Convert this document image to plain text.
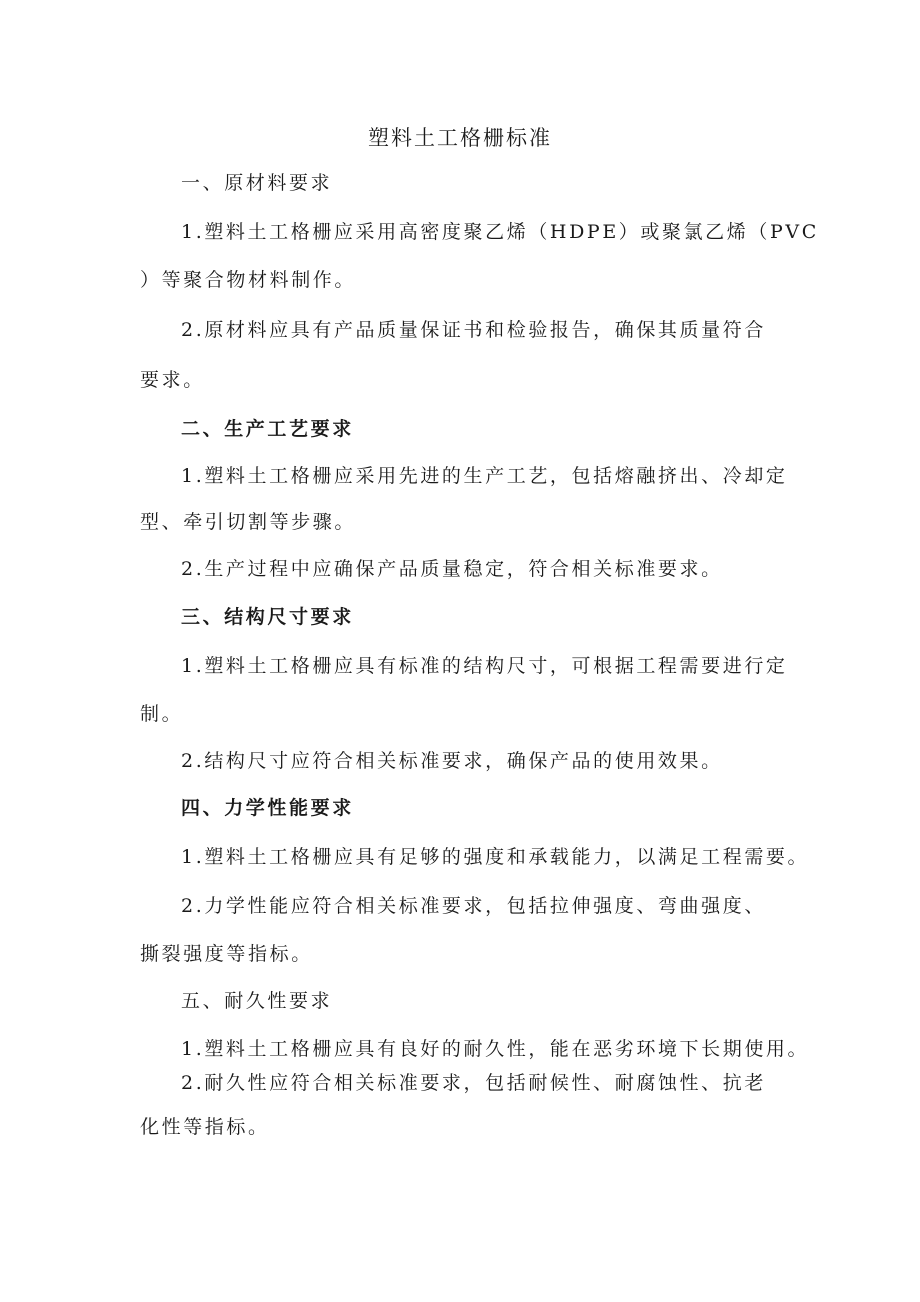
塑料土工格栅标准
一、原材料要求
1.塑料土工格栅应采用高密度聚乙烯（HDPE）或聚氯乙烯（PVC
）等聚合物材料制作。
2.原材料应具有产品质量保证书和检验报告，确保其质量符合
要求。
二、生产工艺要求
1.塑料土工格栅应采用先进的生产工艺，包括熔融挤出、冷却定
型、牵引切割等步骤。
2.生产过程中应确保产品质量稳定，符合相关标准要求。
三、结构尺寸要求
1.塑料土工格栅应具有标准的结构尺寸，可根据工程需要进行定
制。
2.结构尺寸应符合相关标准要求，确保产品的使用效果。
四、力学性能要求
1.塑料土工格栅应具有足够的强度和承载能力，以满足工程需要。
2.力学性能应符合相关标准要求，包括拉伸强度、弯曲强度、
撕裂强度等指标。
五、耐久性要求
1.塑料土工格栅应具有良好的耐久性，能在恶劣环境下长期使用。
2.耐久性应符合相关标准要求，包括耐候性、耐腐蚀性、抗老
化性等指标。
